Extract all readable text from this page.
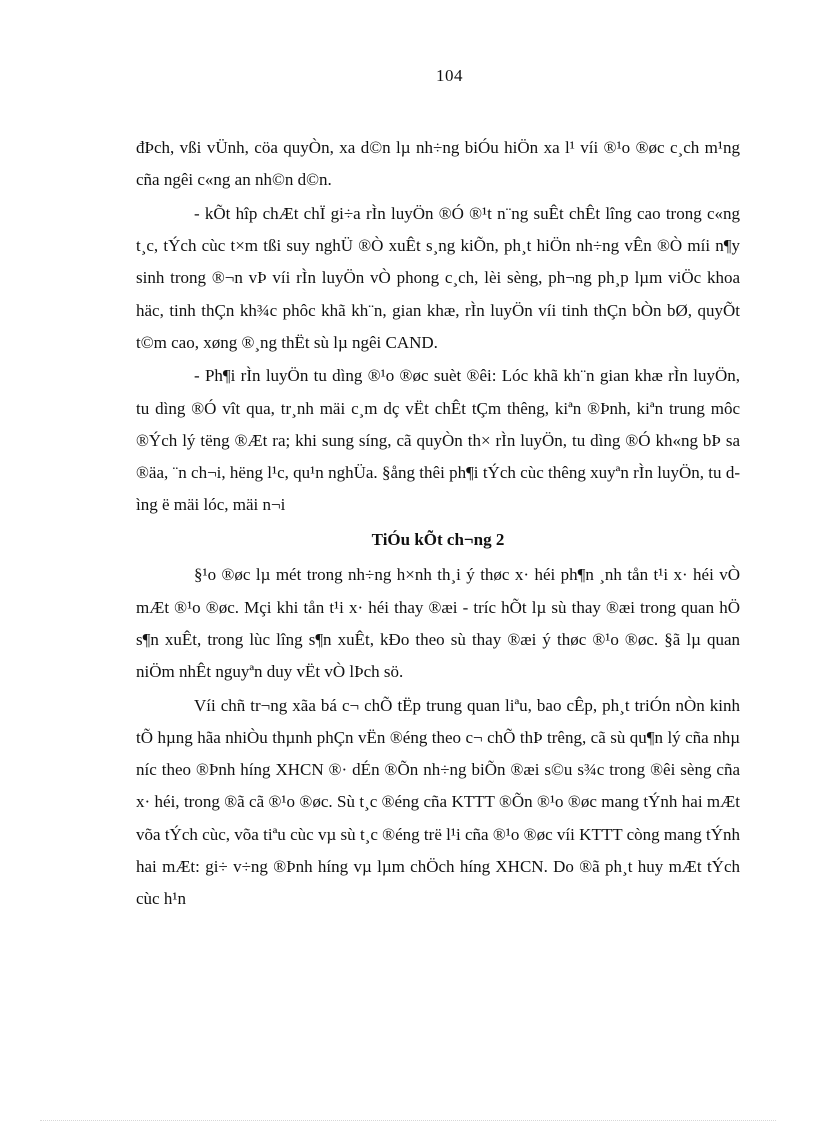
104

đÞch, vßi vÜnh, cöa quyÒn, xa d©n lµ nh÷ng biÓu hiÖn xa l¹ víi ®¹o ®øc c¸ch m¹ng cña ngêi c«ng an nh©n d©n.

- kÕt hîp chÆt chÏ gi÷a rÌn luyÖn ®Ó ®¹t n¨ng suÊt chÊt lîng cao trong c«ng t¸c, tÝch cùc t×m tßi suy nghÜ ®Ò xuÊt s¸ng kiÕn, ph¸t hiÖn nh÷ng vÊn ®Ò míi n¶y sinh trong ®¬n vÞ víi rÌn luyÖn vÒ phong c¸ch, lèi sèng, ph¬ng ph¸p lµm viÖc khoa häc, tinh thÇn kh¾c phôc khã kh¨n, gian khæ, rÌn luyÖn víi tinh thÇn bÒn bØ, quyÕt t©m cao, xøng ®¸ng thËt sù lµ ngêi CAND.

- Ph¶i rÌn luyÖn tu dìng ®¹o ®øc suèt ®êi: Lóc khã kh¨n gian khæ rÌn luyÖn, tu dìng ®Ó vît qua, tr¸nh mäi c¸m dç vËt chÊt tÇm thêng, kiªn ®Þnh, kiªn trung môc ®Ých lý tëng ®Æt ra; khi sung síng, cã quyÒn th× rÌn luyÖn, tu dìng ®Ó kh«ng bÞ sa ®äa, ¨n ch¬i, hëng l¹c, qu¹n nghÜa. §ång thêi ph¶i tÝch cùc thêng xuyªn rÌn luyÖn, tu dìng ë mäi lóc, mäi n¬i

TiÓu kÕt ch¬ng 2

§¹o ®øc lµ mét trong nh÷ng h×nh th¸i ý thøc x· héi ph¶n ¸nh tån t¹i x· héi vÒ mÆt ®¹o ®øc. Mçi khi tån t¹i x· héi thay ®æi - tríc hÕt lµ sù thay ®æi trong quan hÖ s¶n xuÊt, trong lùc lîng s¶n xuÊt, kÐo theo sù thay ®æi ý thøc ®¹o ®øc. §ã lµ quan niÖm nhÊt nguyªn duy vËt vÒ lÞch sö.

Víi chñ tr¬ng xãa bá c¬ chÕ tËp trung quan liªu, bao cÊp, ph¸t triÓn nÒn kinh tÕ hµng hãa nhiÒu thµnh phÇn vËn ®éng theo c¬ chÕ thÞ trêng, cã sù qu¶n lý cña nhµ níc theo ®Þnh híng XHCN ®· dÉn ®Õn nh÷ng biÕn ®æi s©u s¾c trong ®êi sèng cña x· héi, trong ®ã cã ®¹o ®øc. Sù t¸c ®éng cña KTTT ®Õn ®¹o ®øc mang tÝnh hai mÆt võa tÝch cùc, võa tiªu cùc vµ sù t¸c ®éng trë l¹i cña ®¹o ®øc víi KTTT còng mang tÝnh hai mÆt: gi÷ v÷ng ®Þnh híng vµ lµm chÖch híng XHCN. Do ®ã ph¸t huy mÆt tÝch cùc h¹n
